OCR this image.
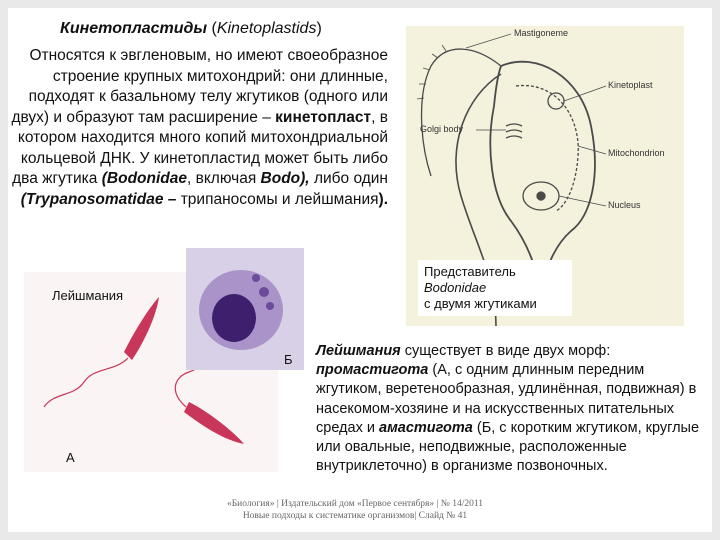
Кинетопластиды (Kinetoplastids)
Относятся к эвгленовым, но имеют своеобразное строение крупных митохондрий: они длинные, подходят к базальному телу жгутиков (одного или двух) и образуют там расширение – кинетопласт, в котором находится много копий митохондриальной кольцевой ДНК. У кинетопластид может быть либо два жгутика (Bodonidae, включая Bodo), либо один (Trypanosomatidae – трипаносомы и лейшмания).
Mastigoneme
Kinetoplast
Golgi body
Mitochondrion
Nucleus
Представитель
Bodonidae
с двумя жгутиками
Лейшмания
А
Б
Лейшмания существует в виде двух морф: промастигота (А, с одним длинным передним жгутиком, веретенообразная, удлинённая, подвижная) в насекомом-хозяине и на искусственных питательных средах и амастигота (Б, с коротким жгутиком, круглые или овальные, неподвижные, расположенные внутриклеточно) в организме позвоночных.
«Биология» | Издательский дом «Первое сентября» | № 14/2011
Новые подходы к систематике организмов| Слайд № 41
